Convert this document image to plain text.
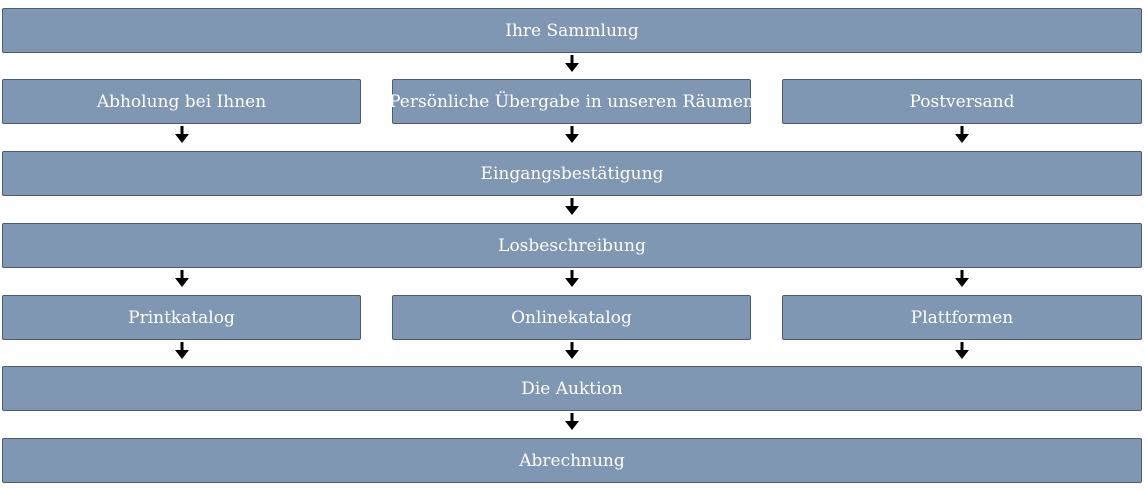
Ihre Sammlung
Abholung bei Ihnen	Persönliche Übergabe in unseren Räumen	Postversand
Eingangsbestätigung
Losbeschreibung
Printkatalog	Onlinekatalog	Plattformen
Die Auktion
Abrechnung
